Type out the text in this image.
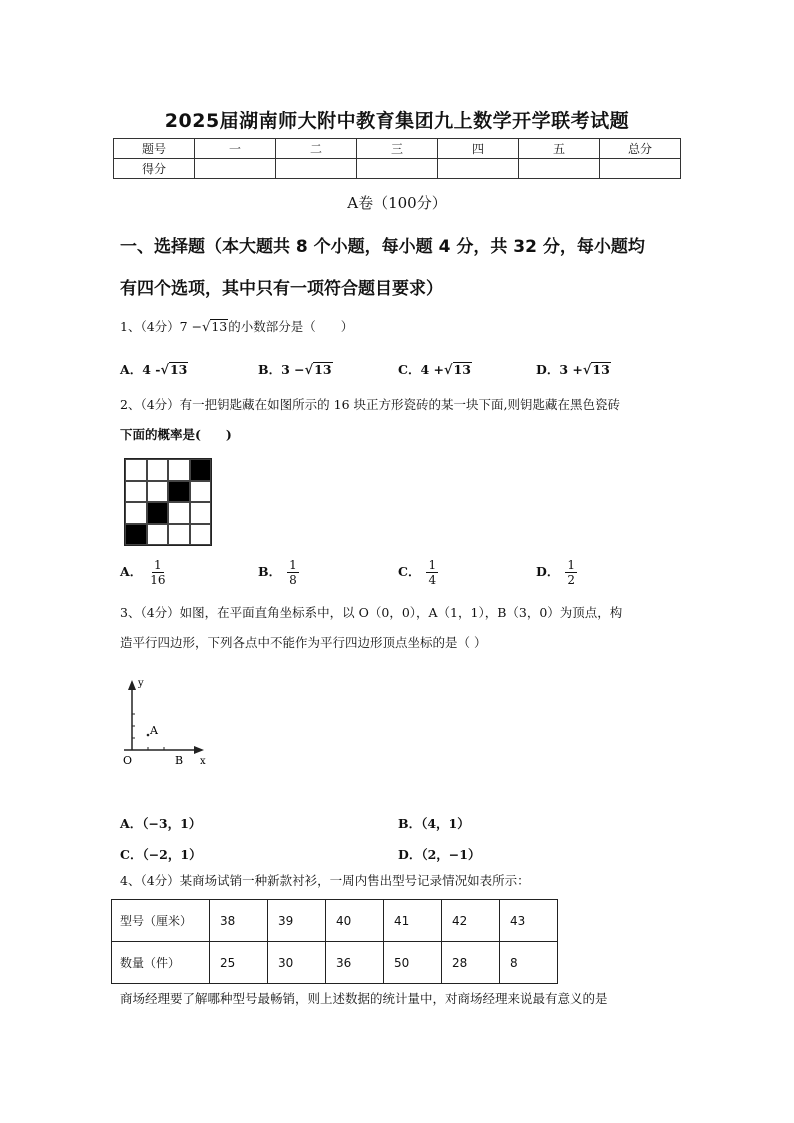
2025届湖南师大附中教育集团九上数学开学联考试题
题号	一	二	三	四	五	总分
得分						
A卷（100分）
一、选择题（本大题共 8 个小题，每小题 4 分，共 32 分，每小题均
有四个选项，其中只有一项符合题目要求）
1、（4分）7 −√13的小数部分是（　　）
A．4 -√13	B．3 −√13	C．4 +√13	D．3 +√13
2、（4分）有一把钥匙藏在如图所示的 16 块正方形瓷砖的某一块下面,则钥匙藏在黑色瓷砖
下面的概率是(　　)
A． $\frac{1}{16}$	B． $\frac{1}{8}$	C． $\frac{1}{4}$	D． $\frac{1}{2}$
3、（4分）如图，在平面直角坐标系中，以 O（0，0），A（1，1），B（3，0）为顶点，构
造平行四边形，下列各点中不能作为平行四边形顶点坐标的是（ ）
y
x
O
A
B
A．（−3，1）	B．（4，1）
C．（−2，1）	D．（2，−1）
4、（4分）某商场试销一种新款衬衫，一周内售出型号记录情况如表所示：
型号（厘米）	38	39	40	41	42	43
数量（件）	25	30	36	50	28	8
商场经理要了解哪种型号最畅销，则上述数据的统计量中，对商场经理来说最有意义的是
